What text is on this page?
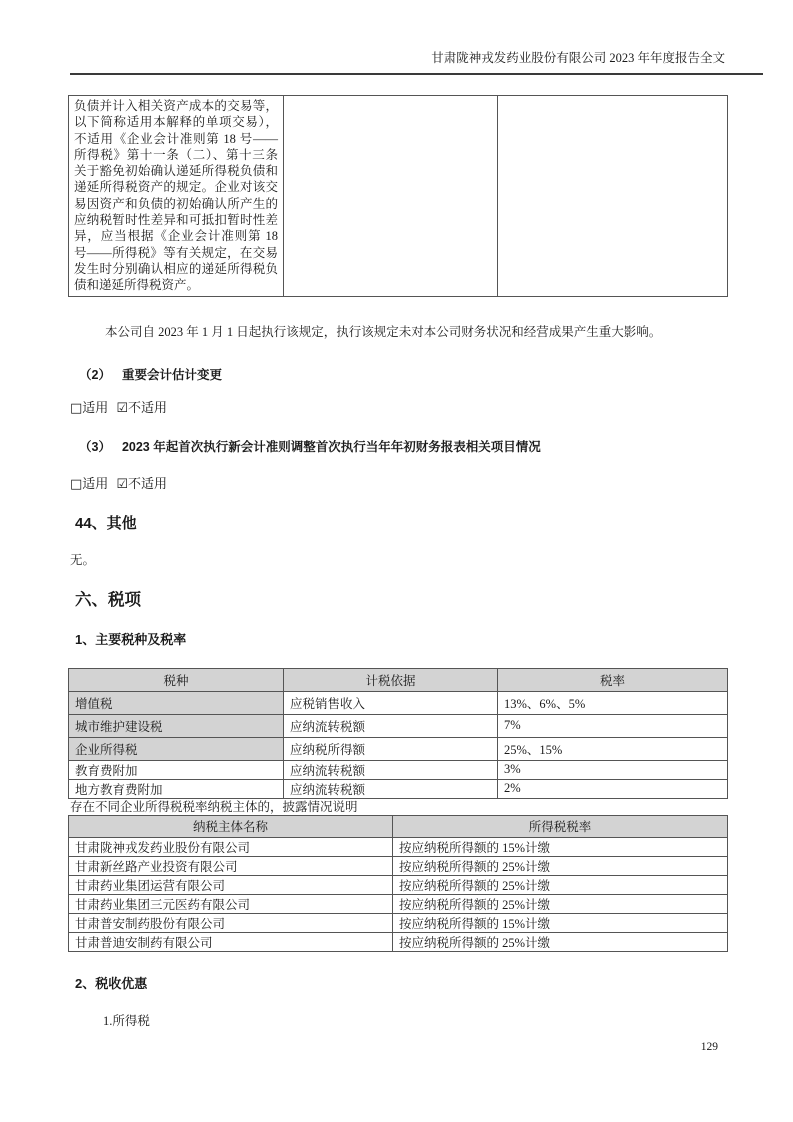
甘肃陇神戎发药业股份有限公司 2023 年年度报告全文
负债并计入相关资产成本的交易等，以下简称适用本解释的单项交易），不适用《企业会计准则第 18 号——所得税》第十一条（二）、第十三条关于豁免初始确认递延所得税负债和递延所得税资产的规定。企业对该交易因资产和负债的初始确认所产生的应纳税暂时性差异和可抵扣暂时性差异，应当根据《企业会计准则第 18 号——所得税》等有关规定，在交易发生时分别确认相应的递延所得税负债和递延所得税资产。		
本公司自 2023 年 1 月 1 日起执行该规定，执行该规定未对本公司财务状况和经营成果产生重大影响。
（2） 重要会计估计变更
□适用 ☑不适用
（3） 2023 年起首次执行新会计准则调整首次执行当年年初财务报表相关项目情况
□适用 ☑不适用
44、其他
无。
六、税项
1、主要税种及税率
税种	计税依据	税率
增值税	应税销售收入	13%、6%、5%
城市维护建设税	应纳流转税额	7%
企业所得税	应纳税所得额	25%、15%
教育费附加	应纳流转税额	3%
地方教育费附加	应纳流转税额	2%
存在不同企业所得税税率纳税主体的，披露情况说明
纳税主体名称	所得税税率
甘肃陇神戎发药业股份有限公司	按应纳税所得额的 15%计缴
甘肃新丝路产业投资有限公司	按应纳税所得额的 25%计缴
甘肃药业集团运营有限公司	按应纳税所得额的 25%计缴
甘肃药业集团三元医药有限公司	按应纳税所得额的 25%计缴
甘肃普安制药股份有限公司	按应纳税所得额的 15%计缴
甘肃普迪安制药有限公司	按应纳税所得额的 25%计缴
2、税收优惠
1.所得税
129
